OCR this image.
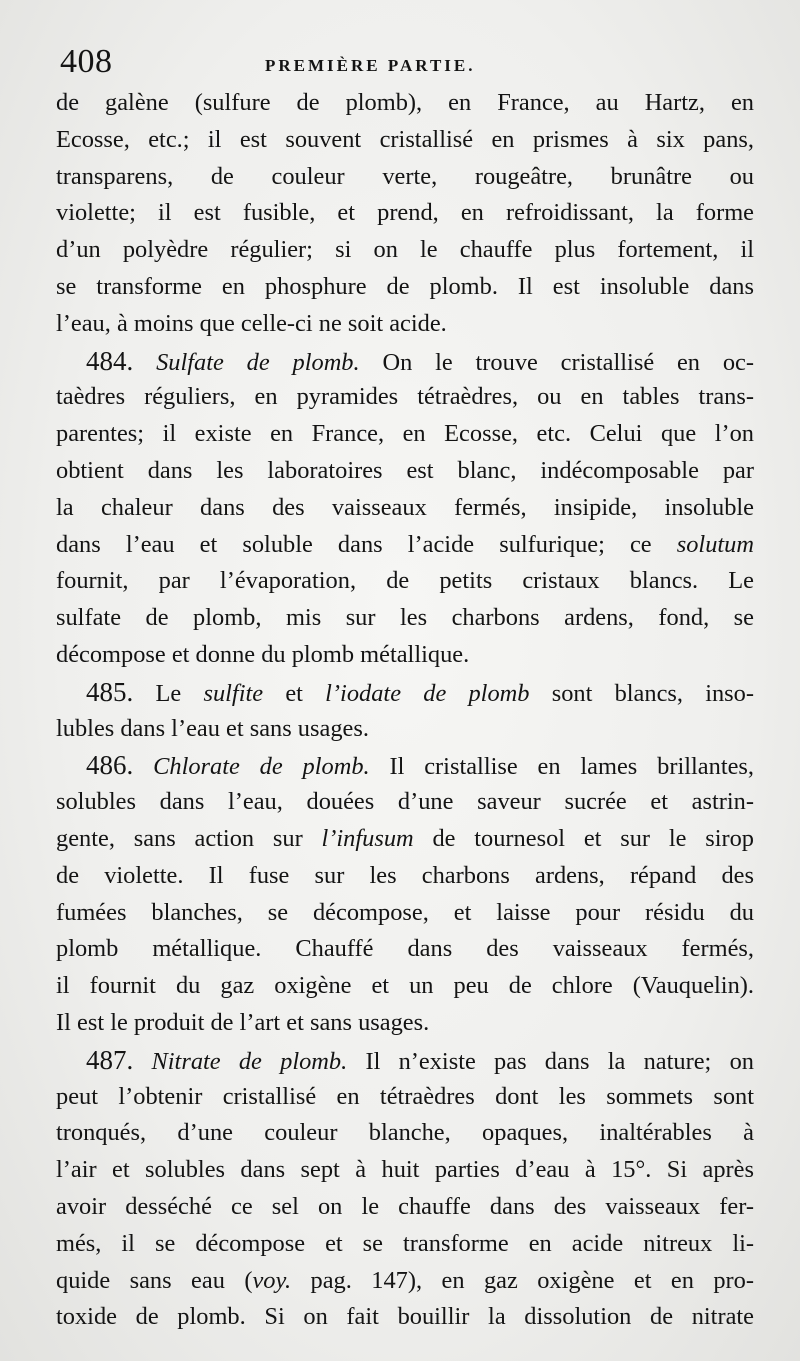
408	PREMIÈRE PARTIE.
de galène (sulfure de plomb), en France, au Hartz, en
Ecosse, etc.; il est souvent cristallisé en prismes à six pans,
transparens, de couleur verte, rougeâtre, brunâtre ou
violette; il est fusible, et prend, en refroidissant, la forme
d’un polyèdre régulier; si on le chauffe plus fortement, il
se transforme en phosphure de plomb. Il est insoluble dans
l’eau, à moins que celle-ci ne soit acide.
484. Sulfate de plomb. On le trouve cristallisé en oc-
taèdres réguliers, en pyramides tétraèdres, ou en tables trans-
parentes; il existe en France, en Ecosse, etc. Celui que l’on
obtient dans les laboratoires est blanc, indécomposable par
la chaleur dans des vaisseaux fermés, insipide, insoluble
dans l’eau et soluble dans l’acide sulfurique; ce solutum
fournit, par l’évaporation, de petits cristaux blancs. Le
sulfate de plomb, mis sur les charbons ardens, fond, se
décompose et donne du plomb métallique.
485. Le sulfite et l’iodate de plomb sont blancs, inso-
lubles dans l’eau et sans usages.
486. Chlorate de plomb. Il cristallise en lames brillantes,
solubles dans l’eau, douées d’une saveur sucrée et astrin-
gente, sans action sur l’infusum de tournesol et sur le sirop
de violette. Il fuse sur les charbons ardens, répand des
fumées blanches, se décompose, et laisse pour résidu du
plomb métallique. Chauffé dans des vaisseaux fermés,
il fournit du gaz oxigène et un peu de chlore (Vauquelin).
Il est le produit de l’art et sans usages.
487. Nitrate de plomb. Il n’existe pas dans la nature; on
peut l’obtenir cristallisé en tétraèdres dont les sommets sont
tronqués, d’une couleur blanche, opaques, inaltérables à
l’air et solubles dans sept à huit parties d’eau à 15°. Si après
avoir desséché ce sel on le chauffe dans des vaisseaux fer-
més, il se décompose et se transforme en acide nitreux li-
quide sans eau (voy. pag. 147), en gaz oxigène et en pro-
toxide de plomb. Si on fait bouillir la dissolution de nitrate
